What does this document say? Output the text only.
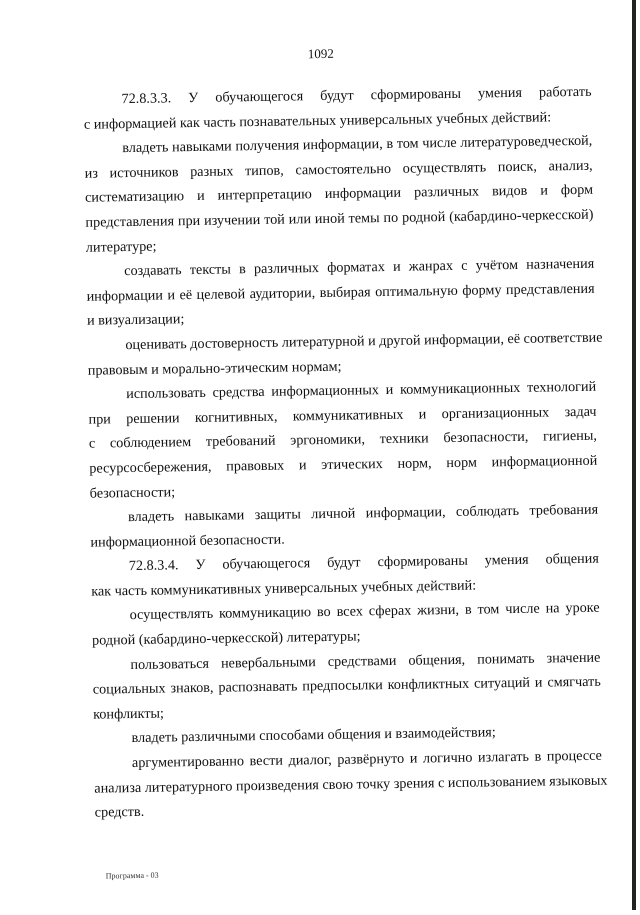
1092
72.8.3.3. У обучающегося будут сформированы умения работать
с информацией как часть познавательных универсальных учебных действий:
владеть навыками получения информации, в том числе литературоведческой,
из источников разных типов, самостоятельно осуществлять поиск, анализ,
систематизацию и интерпретацию информации различных видов и форм
представления при изучении той или иной темы по родной (кабардино-черкесской)
литературе;
создавать тексты в различных форматах и жанрах с учётом назначения
информации и её целевой аудитории, выбирая оптимальную форму представления
и визуализации;
оценивать достоверность литературной и другой информации, её соответствие
правовым и морально-этическим нормам;
использовать средства информационных и коммуникационных технологий
при решении когнитивных, коммуникативных и организационных задач
с соблюдением требований эргономики, техники безопасности, гигиены,
ресурсосбережения, правовых и этических норм, норм информационной
безопасности;
владеть навыками защиты личной информации, соблюдать требования
информационной безопасности.
72.8.3.4. У обучающегося будут сформированы умения общения
как часть коммуникативных универсальных учебных действий:
осуществлять коммуникацию во всех сферах жизни, в том числе на уроке
родной (кабардино-черкесской) литературы;
пользоваться невербальными средствами общения, понимать значение
социальных знаков, распознавать предпосылки конфликтных ситуаций и смягчать
конфликты;
владеть различными способами общения и взаимодействия;
аргументированно вести диалог, развёрнуто и логично излагать в процессе
анализа литературного произведения свою точку зрения с использованием языковых
средств.
Программа - 03
